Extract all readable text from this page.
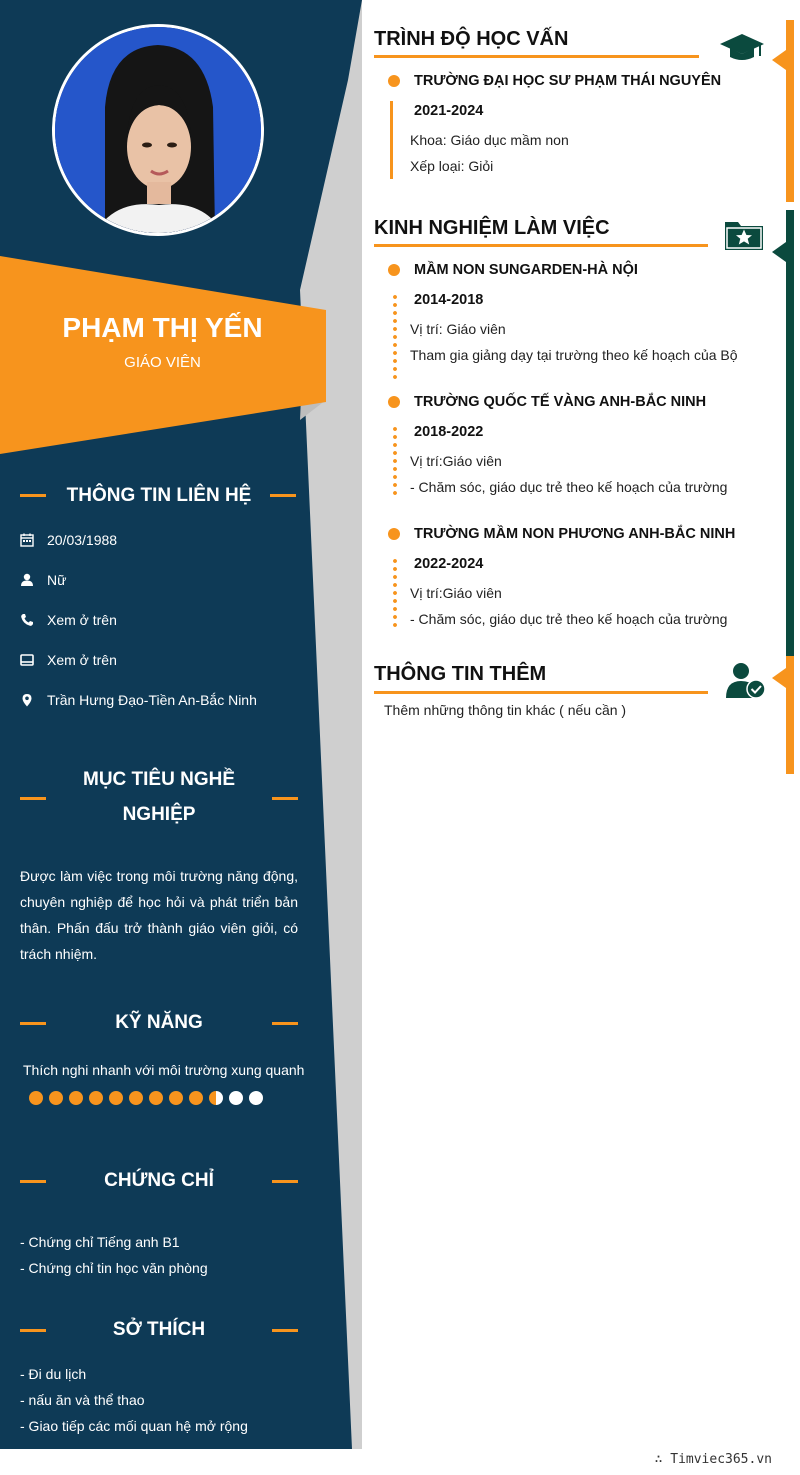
PHẠM THỊ YẾN
GIÁO VIÊN
THÔNG TIN LIÊN HỆ
20/03/1988
Nữ
Xem ở trên
Xem ở trên
Trần Hưng Đạo-Tiền An-Bắc Ninh
MỤC TIÊU NGHỀ
NGHIỆP
Được làm việc trong môi trường năng động, chuyên nghiệp để học hỏi và phát triển bản thân. Phấn đấu trở thành giáo viên giỏi, có trách nhiệm.
KỸ NĂNG
Thích nghi nhanh với môi trường xung quanh
CHỨNG CHỈ
- Chứng chỉ Tiếng anh B1
- Chứng chỉ tin học văn phòng
SỞ THÍCH
- Đi du lịch
- nấu ăn và thể thao
- Giao tiếp các mối quan hệ mở rộng
TRÌNH ĐỘ HỌC VẤN
TRƯỜNG ĐẠI HỌC SƯ PHẠM THÁI NGUYÊN
2021-2024
Khoa: Giáo dục mầm non
Xếp loại: Giỏi
KINH NGHIỆM LÀM VIỆC
MẦM NON SUNGARDEN-HÀ NỘI
2014-2018
Vị trí: Giáo viên
Tham gia giảng dạy tại trường theo kế hoạch của Bộ
TRƯỜNG QUỐC TẾ VÀNG ANH-BẮC NINH
2018-2022
Vị trí:Giáo viên
- Chăm sóc, giáo dục trẻ theo kế hoạch của trường
TRƯỜNG MẦM NON PHƯƠNG ANH-BẮC NINH
2022-2024
Vị trí:Giáo viên
- Chăm sóc, giáo dục trẻ theo kế hoạch của trường
THÔNG TIN THÊM
Thêm những thông tin khác ( nếu cần )
∴ Timviec365.vn
